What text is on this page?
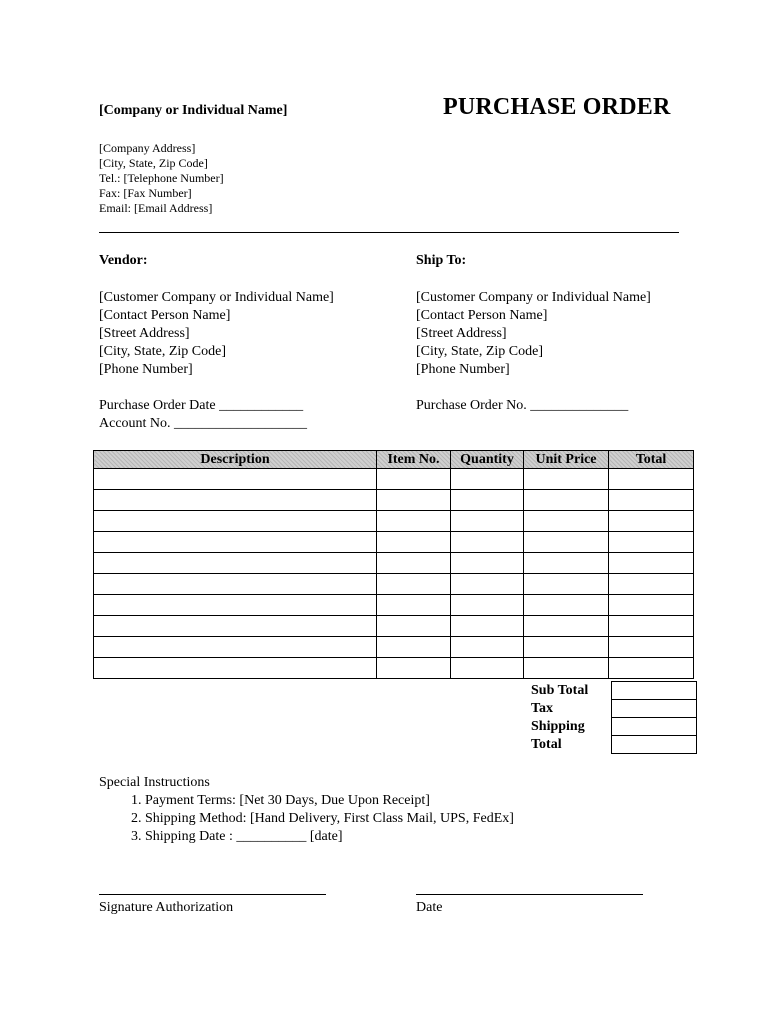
[Company or Individual Name]	PURCHASE ORDER
[Company Address]
[City, State, Zip Code]
Tel.: [Telephone Number]
Fax: [Fax Number]
Email: [Email Address]
Vendor:	Ship To:
[Customer Company or Individual Name]
[Contact Person Name]
[Street Address]
[City, State, Zip Code]
[Phone Number]
[Customer Company or Individual Name]
[Contact Person Name]
[Street Address]
[City, State, Zip Code]
[Phone Number]
Purchase Order Date ____________
Account No. ___________________
Purchase Order No. ______________
Description	Item No.	Quantity	Unit Price	Total

Sub Total	
Tax	
Shipping	
Total	
Special Instructions
1. Payment Terms: [Net 30 Days, Due Upon Receipt]
2. Shipping Method: [Hand Delivery, First Class Mail, UPS, FedEx]
3. Shipping Date : __________ [date]
Signature Authorization	Date
